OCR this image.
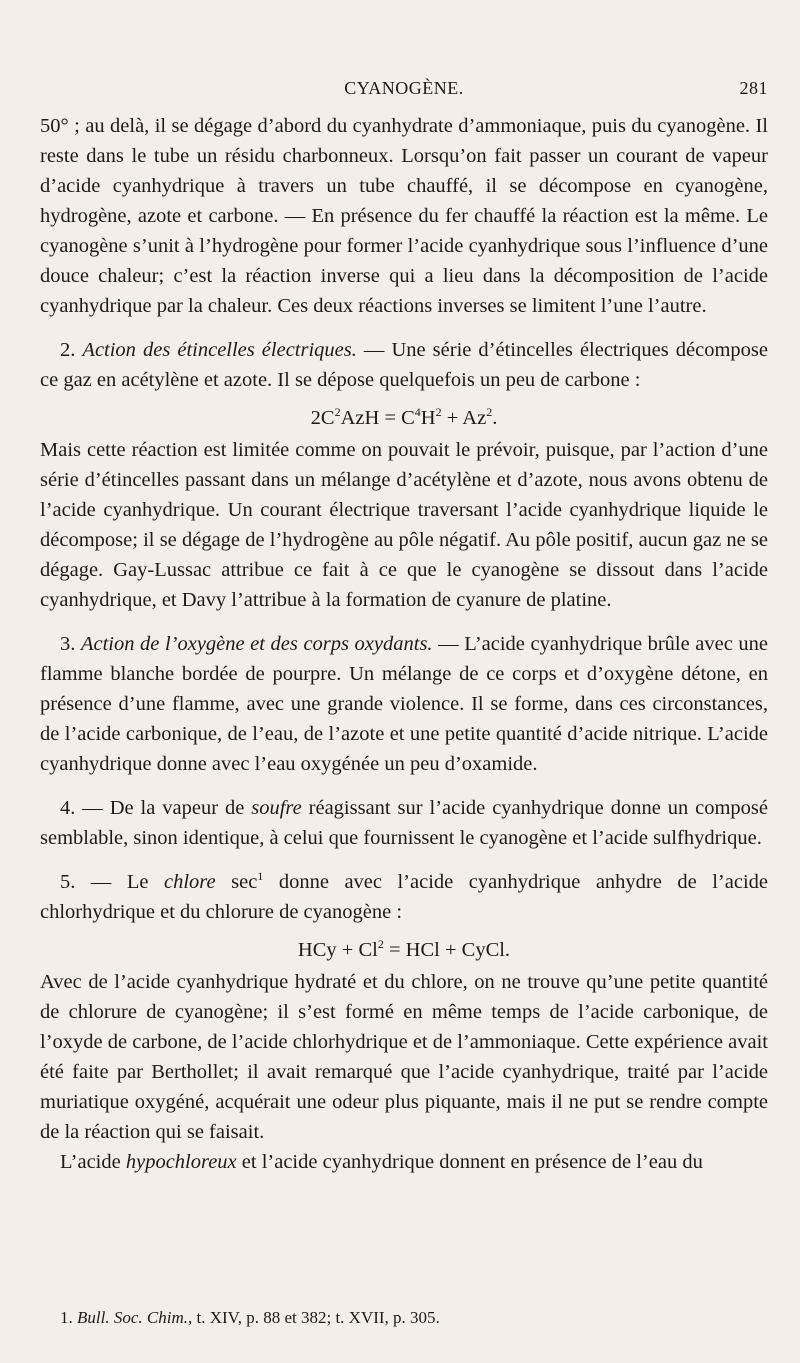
CYANOGÈNE.	281

50° ; au delà, il se dégage d’abord du cyanhydrate d’ammoniaque, puis du cyanogène. Il reste dans le tube un résidu charbonneux. Lorsqu’on fait passer un courant de vapeur d’acide cyanhydrique à travers un tube chauffé, il se décompose en cyanogène, hydrogène, azote et carbone. — En présence du fer chauffé la réaction est la même. Le cyanogène s’unit à l’hydrogène pour former l’acide cyanhydrique sous l’influence d’une douce chaleur; c’est la réaction inverse qui a lieu dans la décomposition de l’acide cyanhydrique par la chaleur. Ces deux réactions inverses se limitent l’une l’autre.

2. Action des étincelles électriques. — Une série d’étincelles électriques décompose ce gaz en acétylène et azote. Il se dépose quelquefois un peu de carbone :

$2C^2AzH = C^4H^2 + Az^2$.

Mais cette réaction est limitée comme on pouvait le prévoir, puisque, par l’action d’une série d’étincelles passant dans un mélange d’acétylène et d’azote, nous avons obtenu de l’acide cyanhydrique. Un courant électrique traversant l’acide cyanhydrique liquide le décompose; il se dégage de l’hydrogène au pôle négatif. Au pôle positif, aucun gaz ne se dégage. Gay-Lussac attribue ce fait à ce que le cyanogène se dissout dans l’acide cyanhydrique, et Davy l’attribue à la formation de cyanure de platine.

3. Action de l’oxygène et des corps oxydants. — L’acide cyanhydrique brûle avec une flamme blanche bordée de pourpre. Un mélange de ce corps et d’oxygène détone, en présence d’une flamme, avec une grande violence. Il se forme, dans ces circonstances, de l’acide carbonique, de l’eau, de l’azote et une petite quantité d’acide nitrique. L’acide cyanhydrique donne avec l’eau oxygénée un peu d’oxamide.

4. — De la vapeur de soufre réagissant sur l’acide cyanhydrique donne un composé semblable, sinon identique, à celui que fournissent le cyanogène et l’acide sulfhydrique.

5. — Le chlore $\sec^1$ donne avec l’acide cyanhydrique anhydre de l’acide chlorhydrique et du chlorure de cyanogène :

HCy + $Cl^2$ = HCl + CyCl.

Avec de l’acide cyanhydrique hydraté et du chlore, on ne trouve qu’une petite quantité de chlorure de cyanogène; il s’est formé en même temps de l’acide carbonique, de l’oxyde de carbone, de l’acide chlorhydrique et de l’ammoniaque. Cette expérience avait été faite par Berthollet; il avait remarqué que l’acide cyanhydrique, traité par l’acide muriatique oxygéné, acquérait une odeur plus piquante, mais il ne put se rendre compte de la réaction qui se faisait.

L’acide hypochloreux et l’acide cyanhydrique donnent en présence de l’eau du

1. Bull. Soc. Chim., t. XIV, p. 88 et 382; t. XVII, p. 305.
